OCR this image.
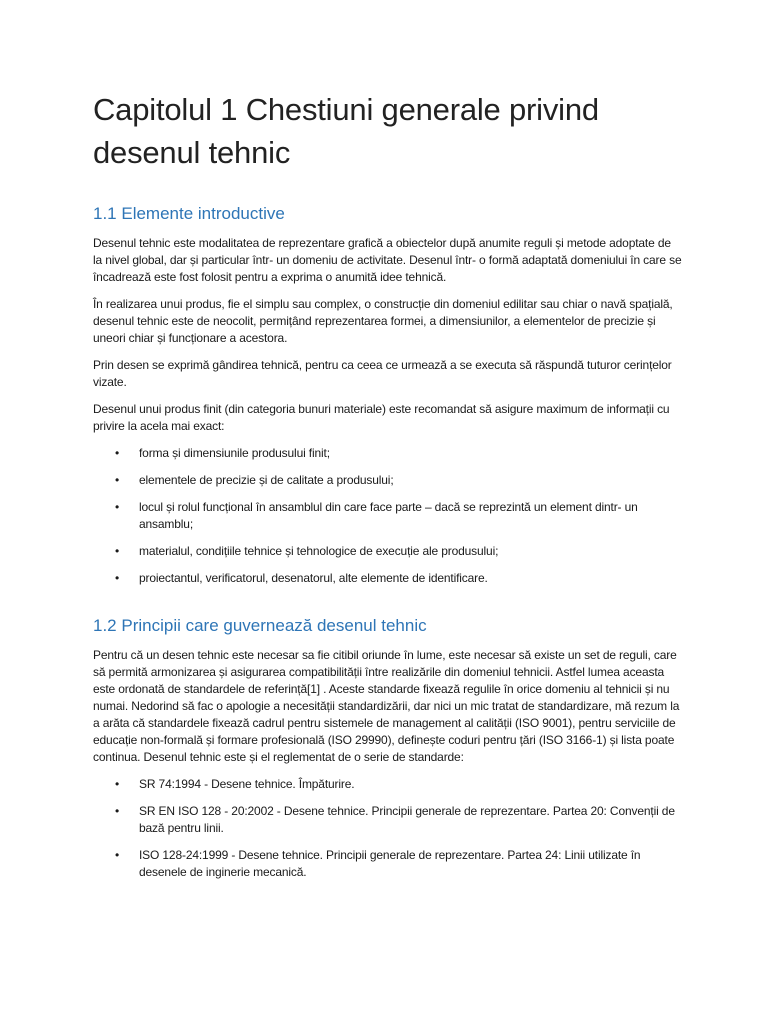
Capitolul 1 Chestiuni generale privind desenul tehnic
1.1 Elemente introductive

Desenul tehnic este modalitatea de reprezentare grafică a obiectelor după anumite reguli și metode adoptate de la nivel global, dar și particular într- un domeniu de activitate. Desenul într- o formă adaptată domeniului în care se încadrează este fost folosit pentru a exprima o anumită idee tehnică.

În realizarea unui produs, fie el simplu sau complex, o construcție din domeniul edilitar sau chiar o navă spațială, desenul tehnic este de neocolit, permițând reprezentarea formei, a dimensiunilor, a elementelor de precizie și uneori chiar și funcționare a acestora.

Prin desen se exprimă gândirea tehnică, pentru ca ceea ce urmează a se executa să răspundă tuturor cerințelor vizate.

Desenul unui produs finit (din categoria bunuri materiale) este recomandat să asigure maximum de informații cu privire la acela mai exact:

• forma și dimensiunile produsului finit;
• elementele de precizie și de calitate a produsului;
• locul și rolul funcțional în ansamblul din care face parte – dacă se reprezintă un element dintr- un ansamblu;
• materialul, condițiile tehnice și tehnologice de execuție ale produsului;
• proiectantul, verificatorul, desenatorul, alte elemente de identificare.
1.2 Principii care guvernează desenul tehnic

Pentru că un desen tehnic este necesar sa fie citibil oriunde în lume, este necesar să existe un set de reguli, care să permită armonizarea și asigurarea compatibilității între realizările din domeniul tehnicii. Astfel lumea aceasta este ordonată de standardele de referință[1] . Aceste standarde fixează regulile în orice domeniu al tehnicii și nu numai. Nedorind să fac o apologie a necesității standardizării, dar nici un mic tratat de standardizare, mă rezum la a arăta că standardele fixează cadrul pentru sistemele de management al calității (ISO 9001), pentru serviciile de educație non-formală și formare profesională (ISO 29990), definește coduri pentru țări (ISO 3166-1) și lista poate continua. Desenul tehnic este și el reglementat de o serie de standarde:

• SR 74:1994 - Desene tehnice. Împăturire.
• SR EN ISO 128 - 20:2002 - Desene tehnice. Principii generale de reprezentare. Partea 20: Convenții de bază pentru linii.
• ISO 128-24:1999 - Desene tehnice. Principii generale de reprezentare. Partea 24: Linii utilizate în desenele de inginerie mecanică.
